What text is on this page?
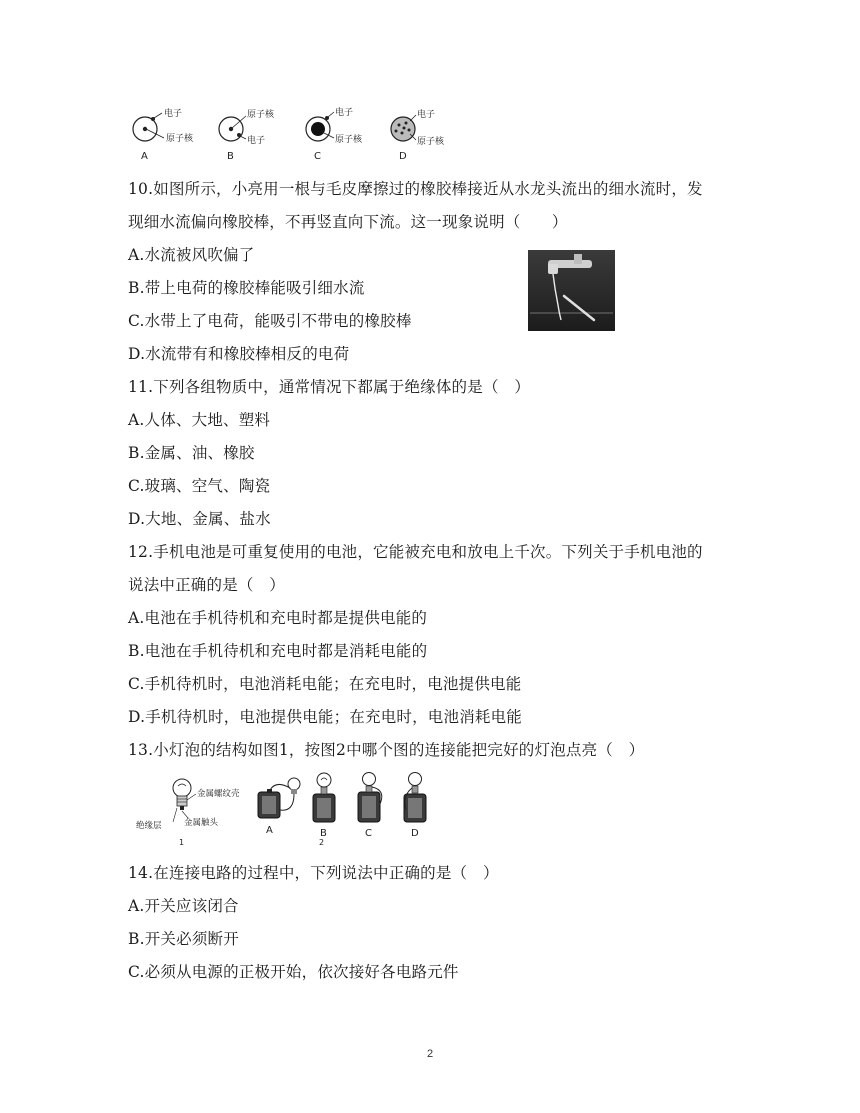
电子
原子核
A
原子核
电子
B
电子
原子核
C
电子
原子核
D
10.如图所示，小亮用一根与毛皮摩擦过的橡胶棒接近从水龙头流出的细水流时，发
现细水流偏向橡胶棒，不再竖直向下流。这一现象说明（　　）
A.水流被风吹偏了
B.带上电荷的橡胶棒能吸引细水流
C.水带上了电荷，能吸引不带电的橡胶棒
D.水流带有和橡胶棒相反的电荷
11.下列各组物质中，通常情况下都属于绝缘体的是（　）
A.人体、大地、塑料
B.金属、油、橡胶
C.玻璃、空气、陶瓷
D.大地、金属、盐水
12.手机电池是可重复使用的电池，它能被充电和放电上千次。下列关于手机电池的
说法中正确的是（　）
A.电池在手机待机和充电时都是提供电能的
B.电池在手机待机和充电时都是消耗电能的
C.手机待机时，电池消耗电能；在充电时，电池提供电能
D.手机待机时，电池提供电能；在充电时，电池消耗电能
13.小灯泡的结构如图1，按图2中哪个图的连接能把完好的灯泡点亮（　）
金属螺纹壳
绝缘层	金属触头
1
A	B	C	D
2
14.在连接电路的过程中，下列说法中正确的是（　）
A.开关应该闭合
B.开关必须断开
C.必须从电源的正极开始，依次接好各电路元件
2
